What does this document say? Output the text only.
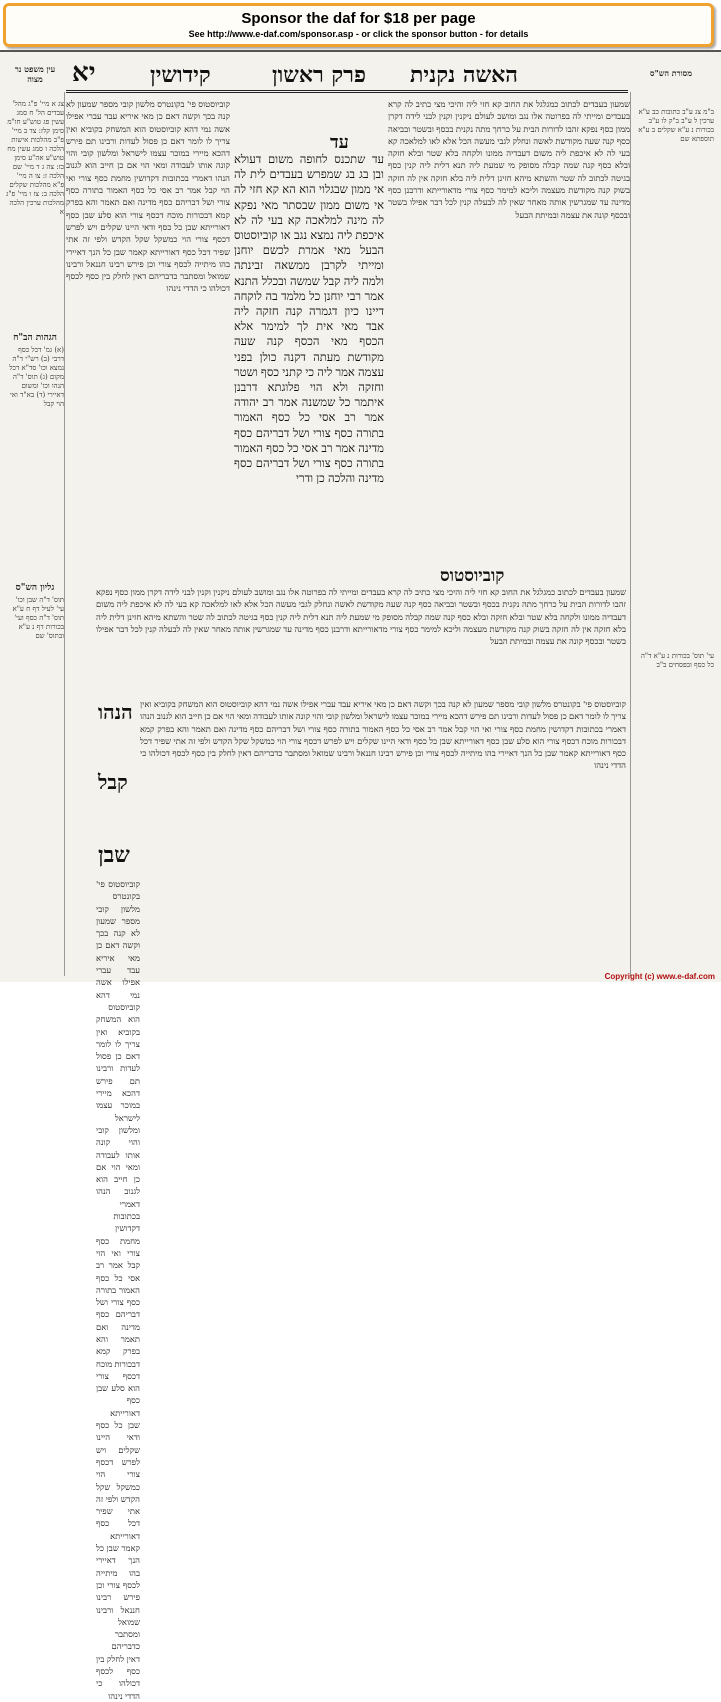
Sponsor the daf for $18 per page
See http://www.e-daf.com/sponsor.asp - or click the sponsor button - for details
יא קידושין	פרק ראשון האשה נקנית	מסורת הש"ס
עין משפט נר מצוה
עד
עד שתכנס לחופה משום דעולא ובן בג בג שמפרש בעבדים לית לה אי ממון שבגלוי הוא הא קא חזי לה אי משום ממון שבסתר מאי נפקא לה מינה למלאכה קא בעי לה לא איכפת ליה נמצא נגב או קוביוסטוס הבעל מאי אמרת לכשם יוחנן ומייתי לקרבן ממשאה זבינתה ולמה ליה קבל שמשה ובכלל התנא אמר רבי יוחנן כל מלמד בה לוקחה דיינו כיון דגמרה קנה חזקה ליה אבד מאי אית לך למימר אלא הכסף מאי הכסף קנה שעה מקודשת מעתה דקנה כולן בפני עצמה אמר ליה כי קתני כסף ושטר וחזקה ולא הוי פלוגתא דרבנן איתמר כל שמשנה אמר רב יהודה אמר רב אסי כל כסף האמור בתורה כסף צורי ושל דבריהם כסף מדינה אמר רב אסי כל כסף האמור בתורה כסף צורי ושל דבריהם כסף מדינה והלכה כן ודרי
שמעון בעבדים לכתוב כמגלגל את החוב קא חזי ליה והיכי מצי כתיב לה קרא בעבדים ומייתי לה בפרוטה אלו נגב ומושב לעולם ניקנין וקנין לבני לידה דקרן ממון כסף נפקא זהבו לדורות הבית על כרחך מתה נקנית בכסף ובשטר ובביאה כסף קנה שעה מקודשת לאשה ונחלק לגבי מעשה הכל אלא לאו למלאכה קא בעי לה לא איכפת ליה משום דעבדיה ממונו ולקחה בלא שטר ובלא חזקה ובלא כסף קנה שמה קבלה מסופק מי שמעת ליה תנא דלית ליה קנין כסף בגיטה לכתוב לה שטר והשתא מיהא חזינן דלית ליה בלא חזקה אין לה חזקה בשוק קנה מקודשת מעצמה וליכא למימר כסף צורי מדאורייתא ודרבנן כסף מדינה עד שמגרשין אותה מאחר שאין לה לבעלה קנין לכל דבר אפילו בשטר ובכסף קונה את עצמה ובמיתת הבעל
קוביוסטוס פי' בקונטרס מלשון קובי מספר שמעון לא קנה בכך וקשה דאם כן מאי איריא עבד עברי אפילו אשה נמי דהא קוביוסטוס הוא המשחק בקוביא ואין צריך לו לומר דאם כן פסול לעדות ורבינו תם פירש דהכא מיירי במוכר עצמו לישראל ומלשון קובי והוי קונה אותו לעבודה ומאי הוי אם כן חייב הוא לגנוב הנהו דאמרי בכתובות דקדושין מחמת כסף צורי ואי הוי קבל אמר רב אסי כל כסף האמור בתורה כסף צורי ושל דבריהם כסף מדינה ואם תאמר והא בפרק קמא דבכורות מוכח דכסף צורי הוא סלע שבן כסף דאורייתא שבן כל כסף ודאי היינו שקלים ויש לפרש דכסף צורי הוי כמשקל שקל הקדש ולפי זה אתי שפיר דכל כסף דאורייתא קאמר שבן כל הנך דאיירי בהו מיתייה לכסף צורי וכן פירש רבינו חננאל ורבינו שמואל ומסתבר כדבריהם דאין לחלק בין כסף לכסף דכולהו כי הדדי נינהו
קוביוסטוס
שמעון בעבדים לכתוב כמגלגל את החוב קא חזי ליה והיכי מצי כתיב לה קרא בעבדים ומייתי לה בפרוטה אלו נגב ומושב לעולם ניקנין וקנין לבני לידה דקרן ממון כסף נפקא זהבו לדורות הבית על כרחך מתה נקנית בכסף ובשטר ובביאה כסף קנה שעה מקודשת לאשה ונחלק לגבי מעשה הכל אלא לאו למלאכה קא בעי לה לא איכפת ליה משום דעבדיה ממונו ולקחה בלא שטר ובלא חזקה ובלא כסף קנה שמה קבלה מסופק מי שמעת ליה תנא דלית ליה קנין כסף בגיטה לכתוב לה שטר והשתא מיהא חזינן דלית ליה בלא חזקה אין לה חזקה בשוק קנה מקודשת מעצמה וליכא למימר כסף צורי מדאורייתא ודרבנן כסף מדינה עד שמגרשין אותה מאחר שאין לה לבעלה קנין לכל דבר אפילו בשטר ובכסף קונה את עצמה ובמיתת הבעל
הנהו
קבל
שבן
קוביוסטוס פי' בקונטרס מלשון קובי מספר שמעון לא קנה בכך וקשה דאם כן מאי איריא עבד עברי אפילו אשה נמי דהא קוביוסטוס הוא המשחק בקוביא ואין צריך לו לומר דאם כן פסול לעדות ורבינו תם פירש דהכא מיירי במוכר עצמו לישראל ומלשון קובי והוי קונה אותו לעבודה ומאי הוי אם כן חייב הוא לגנוב הנהו דאמרי בכתובות דקדושין מחמת כסף צורי ואי הוי קבל אמר רב אסי כל כסף האמור בתורה כסף צורי ושל דבריהם כסף מדינה ואם תאמר והא בפרק קמא דבכורות מוכח דכסף צורי הוא סלע שבן כסף דאורייתא שבן כל כסף ודאי היינו שקלים ויש לפרש דכסף צורי הוי כמשקל שקל הקדש ולפי זה אתי שפיר דכל כסף דאורייתא קאמר שבן כל הנך דאיירי בהו מיתייה לכסף צורי וכן פירש רבינו חננאל ורבינו שמואל ומסתבר כדבריהם דאין לחלק בין כסף לכסף דכולהו כי הדדי נינהו
קוביוסטוס פי' בקונטרס מלשון קובי מספר שמעון לא קנה בכך וקשה דאם כן מאי איריא עבד עברי אפילו אשה נמי דהא קוביוסטוס הוא המשחק בקוביא ואין צריך לו לומר דאם כן פסול לעדות ורבינו תם פירש דהכא מיירי במוכר עצמו לישראל ומלשון קובי והוי קונה אותו לעבודה ומאי הוי אם כן חייב הוא לגנוב הנהו דאמרי בכתובות דקדושין מחמת כסף צורי ואי הוי קבל אמר רב אסי כל כסף האמור בתורה כסף צורי ושל דבריהם כסף מדינה ואם תאמר והא בפרק קמא דבכורות מוכח דכסף צורי הוא סלע שבן כסף דאורייתא שבן כל כסף ודאי היינו שקלים ויש לפרש דכסף צורי הוי כמשקל שקל הקדש ולפי זה אתי שפיר דכל כסף דאורייתא קאמר שבן כל הנך דאיירי בהו מיתייה לכסף צורי וכן פירש רבינו חננאל ורבינו שמואל ומסתבר כדבריהם דאין לחלק בין כסף לכסף דכולהו כי הדדי נינהו
ב"מ צג ע"ב כתובות כב ע"א ערכין ל ע"ב ב"ק לו ע"ב בכורות נ ע"א שקלים ב ע"א תוספתא שם
עי' תוס' בכורות נ ע"א ד"ה כל כסף ובפסחים ב"ב
צג א מיי' פ"ג מהל' עבדים הל' ח סמג עשין פג טוש"ע חו"מ סימן קלז: צד ב מיי' פ"ב מהלכות אישות הלכה ו סמג עשין מח טוש"ע אה"ע סימן כז: צה ג ד מיי' שם הלכה ז: צו ה מיי' פ"א מהלכות שקלים הלכה ב: צז ו מיי' פ"ג מהלכות ערכין הלכה א
הגהות הב"ח
(א) גמ' דכל כסף דרבי (ב) רש"י ד"ה נמצא וכו' סד"א דכל מקום (ג) תוס' ד"ה הנהו וכו' ומשום דאיירי (ד) בא"ד ואי הוי קבל
גליון הש"ס
תוס' ד"ה שבן וכו' עי' לעיל דף ח ע"א תוס' ד"ה כסף ועי' בכורות דף נ ע"א ובתוס' שם
Copyright (c) www.e-daf.com
